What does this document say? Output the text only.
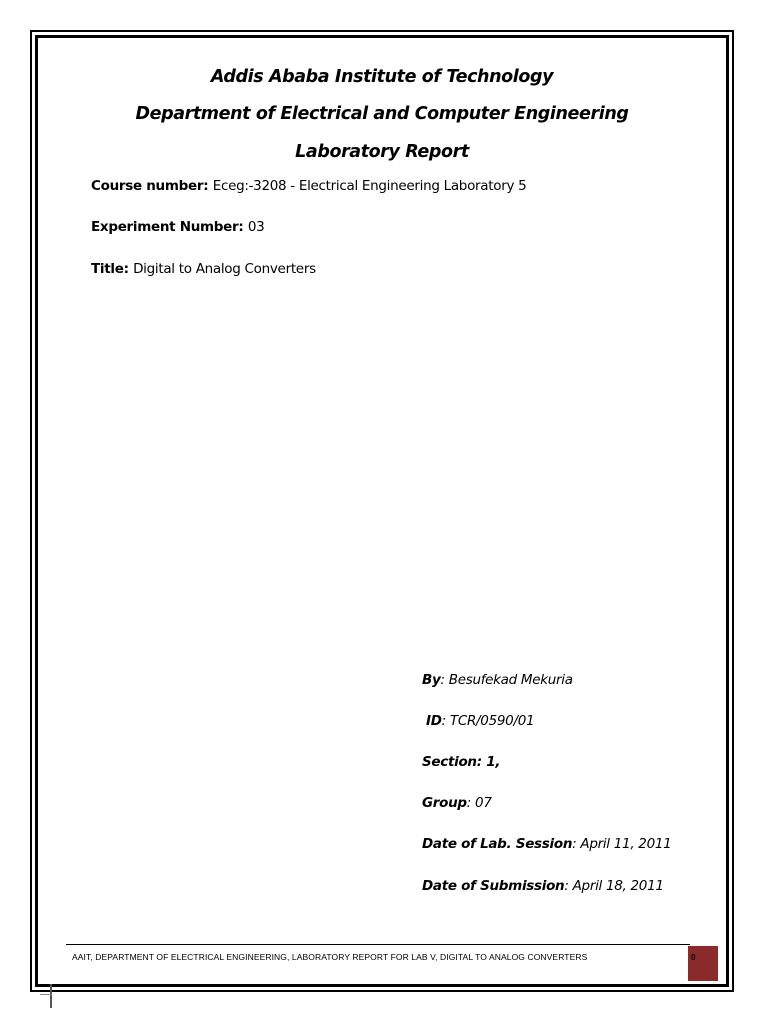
Addis Ababa Institute of Technology
Department of Electrical and Computer Engineering
Laboratory Report
Course number: Eceg:-3208 - Electrical Engineering Laboratory 5
Experiment Number: 03
Title: Digital to Analog Converters
By: Besufekad Mekuria
ID: TCR/0590/01
Section: 1,
Group: 07
Date of Lab. Session: April 11, 2011
Date of Submission: April 18, 2011
AAIT, DEPARTMENT OF ELECTRICAL ENGINEERING, LABORATORY REPORT FOR LAB V, DIGITAL TO ANALOG CONVERTERS	0
